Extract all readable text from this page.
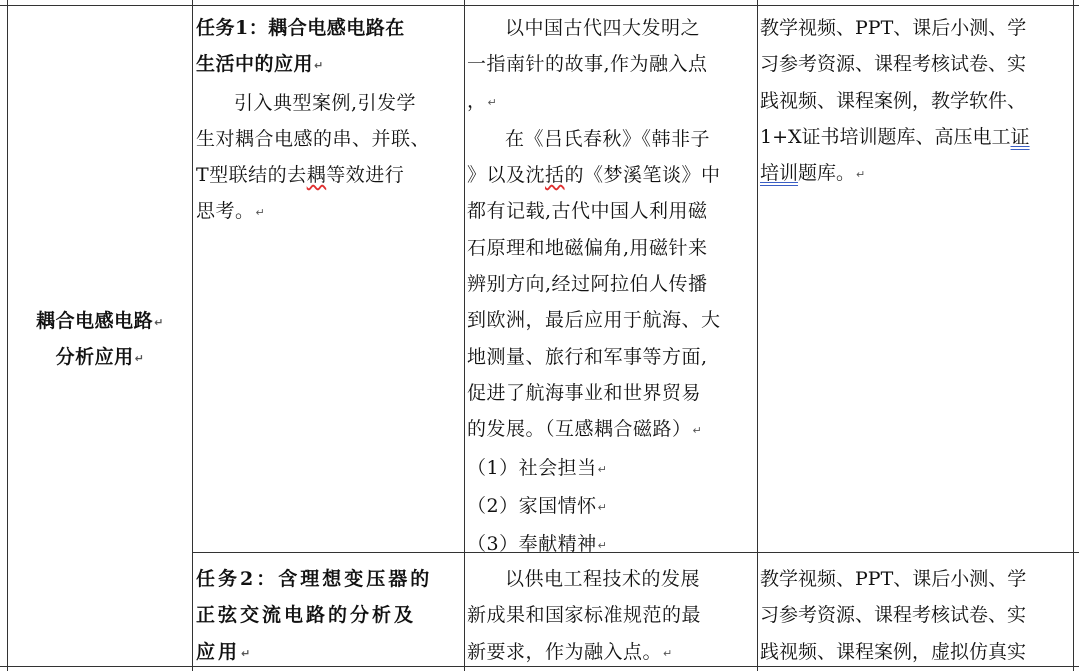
耦合电感电路↵

分析应用↵

任务1：耦合电感电路在

生活中的应用↵

引入典型案例,引发学

生对耦合电感的串、并联、

T型联结的去耦等效进行

思考。↵

以中国古代四大发明之

一指南针的故事,作为融入点

，↵

在《吕氏春秋》《韩非子

》以及沈括的《梦溪笔谈》中

都有记载,古代中国人利用磁

石原理和地磁偏角,用磁针来

辨别方向,经过阿拉伯人传播

到欧洲，最后应用于航海、大

地测量、旅行和军事等方面,

促进了航海事业和世界贸易

的发展。（互感耦合磁路）↵

（1）社会担当↵

（2）家国情怀↵

（3）奉献精神↵

教学视频、PPT、课后小测、学

习参考资源、课程考核试卷、实

践视频、课程案例，教学软件、

1+X证书培训题库、高压电工证

培训题库。↵

任务2：含理想变压器的

正弦交流电路的分析及

应用↵

以供电工程技术的发展

新成果和国家标准规范的最

新要求，作为融入点。↵

教学视频、PPT、课后小测、学

习参考资源、课程考核试卷、实

践视频、课程案例，虚拟仿真实
